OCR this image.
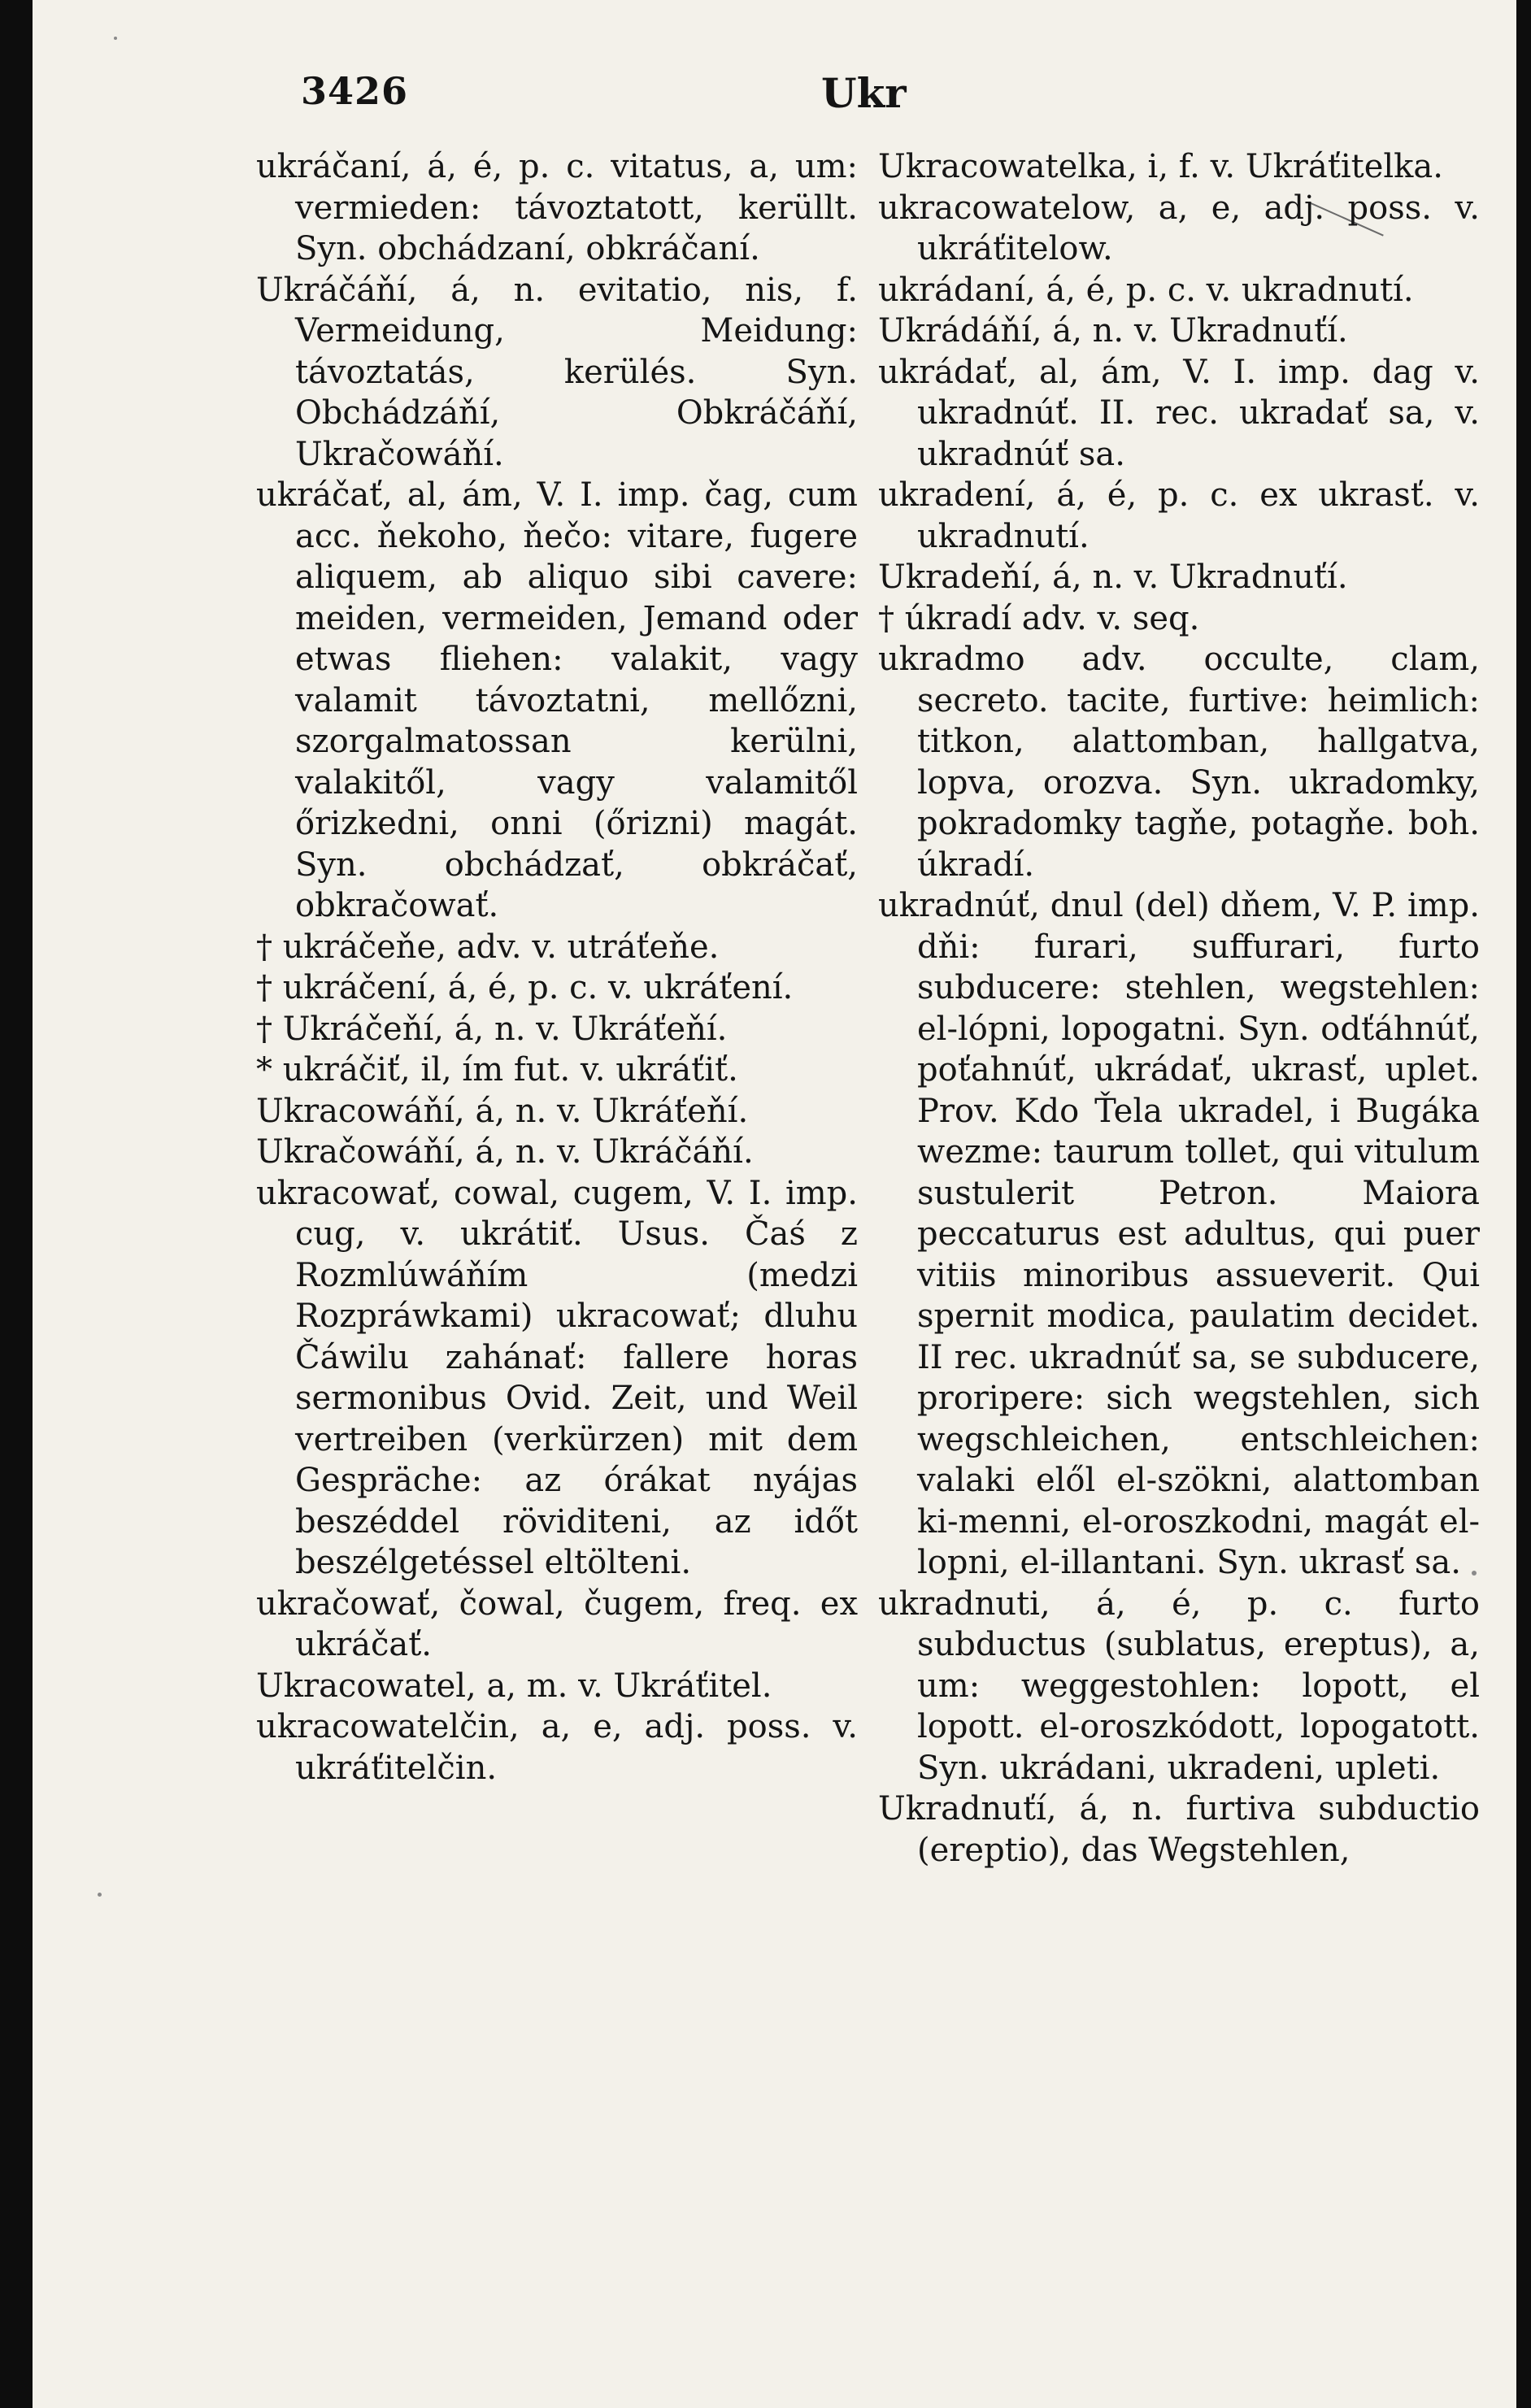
3426	Ukr

ukráčaní, á, é, p. c. vitatus, a, um: vermieden: távoztatott, kerüllt. Syn. obchádzaní, obkráčaní.

Ukráčáňí, á, n. evitatio, nis, f. Vermeidung, Meidung: távoztatás, kerülés. Syn. Obchádzáňí, Obkráčáňí, Ukračowáňí.

ukráčať, al, ám, V. I. imp. čag, cum acc. ňekoho, ňečo: vitare, fugere aliquem, ab aliquo sibi cavere: meiden, vermeiden, Jemand oder etwas fliehen: valakit, vagy valamit távoztatni, mellőzni, szorgalmatossan kerülni, valakitől, vagy valamitől őrizkedni, onni (őrizni) magát. Syn. obchádzať, obkráčať, obkračowať.

† ukráčeňe, adv. v. utráťeňe.

† ukráčení, á, é, p. c. v. ukráťení.

† Ukráčeňí, á, n. v. Ukráťeňí.

* ukráčiť, il, ím fut. v. ukráťiť.

Ukracowáňí, á, n. v. Ukráťeňí.

Ukračowáňí, á, n. v. Ukráčáňí.

ukracowať, cowal, cugem, V. I. imp. cug, v. ukrátiť. Usus. Čaś z Rozmlúwáňím (medzi Rozpráwkami) ukracowať; dluhu Čáwilu zahánať: fallere horas sermonibus Ovid. Zeit, und Weil vertreiben (verkürzen) mit dem Gespräche: az órákat nyájas beszéddel röviditeni, az időt beszélgetéssel eltölteni.

ukračowať, čowal, čugem, freq. ex ukráčať.

Ukracowatel, a, m. v. Ukráťitel.

ukracowatelčin, a, e, adj. poss. v. ukráťitelčin.

Ukracowatelka, i, f. v. Ukráťitelka.

ukracowatelow, a, e, adj. poss. v. ukráťitelow.

ukrádaní, á, é, p. c. v. ukradnutí.

Ukrádáňí, á, n. v. Ukradnuťí.

ukrádať, al, ám, V. I. imp. dag v. ukradnúť. II. rec. ukradať sa, v. ukradnúť sa.

ukradení, á, é, p. c. ex ukrasť. v. ukradnutí.

Ukradeňí, á, n. v. Ukradnuťí.

† úkradí adv. v. seq.

ukradmo adv. occulte, clam, secreto. tacite, furtive: heimlich: titkon, alattomban, hallgatva, lopva, orozva. Syn. ukradomky, pokradomky tagňe, potagňe. boh. úkradí.

ukradnúť, dnul (del) dňem, V. P. imp. dňi: furari, suffurari, furto subducere: stehlen, wegstehlen: el-lópni, lopogatni. Syn. odťáhnúť, poťahnúť, ukrádať, ukrasť, uplet. Prov. Kdo Ťela ukradel, i Bugáka wezme: taurum tollet, qui vitulum sustulerit Petron. Maiora peccaturus est adultus, qui puer vitiis minoribus assueverit. Qui spernit modica, paulatim decidet. II rec. ukradnúť sa, se subducere, proripere: sich wegstehlen, sich wegschleichen, entschleichen: valaki elől el-szökni, alattomban ki-menni, el-oroszkodni, magát el-lopni, el-illantani. Syn. ukrasť sa.

ukradnuti, á, é, p. c. furto subductus (sublatus, ereptus), a, um: weggestohlen: lopott, el lopott. el-oroszkódott, lopogatott. Syn. ukrádani, ukradeni, upleti.

Ukradnuťí, á, n. furtiva subductio (ereptio), das Wegstehlen,
